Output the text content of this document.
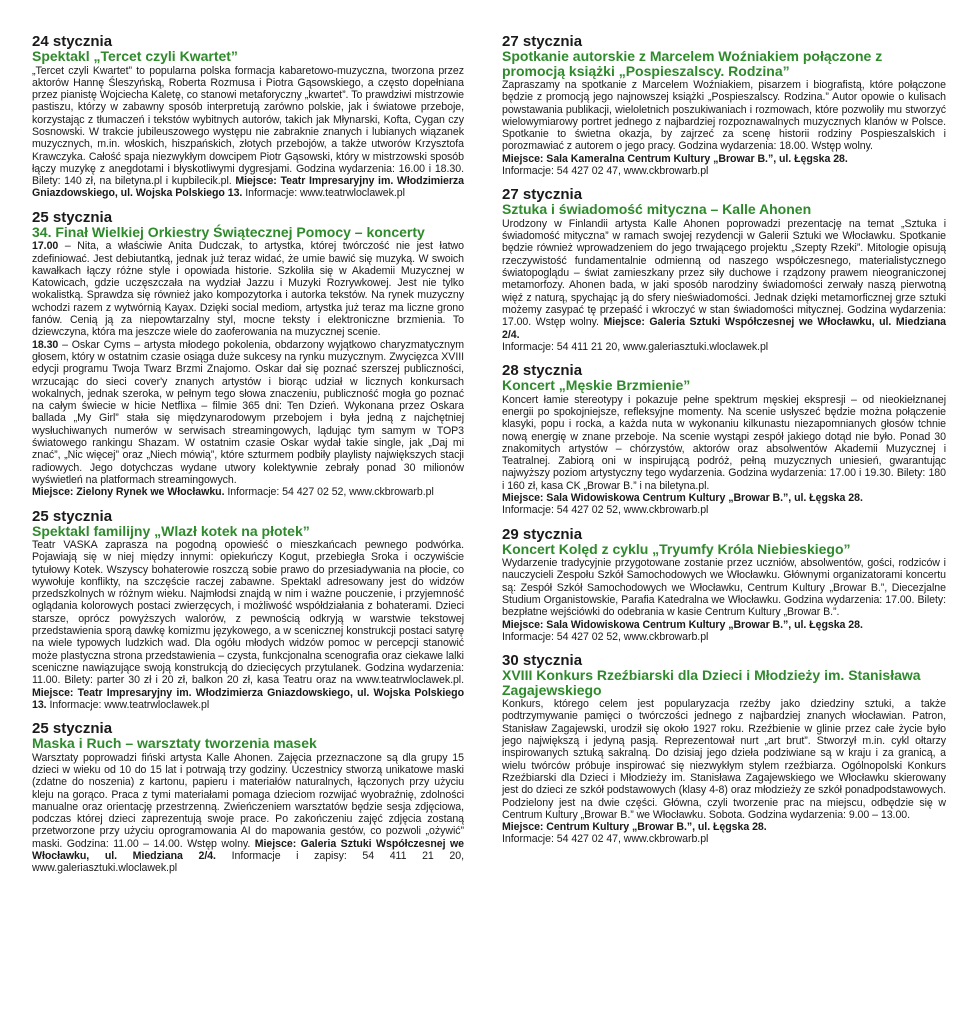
24 stycznia
Spektakl „Tercet czyli Kwartet”
„Tercet czyli Kwartet” to popularna polska formacja kabaretowo-muzyczna, tworzona przez aktorów Hannę Śleszyńską, Roberta Rozmusa i Piotra Gąsowskiego, a często dopełniana przez pianistę Wojciecha Kaletę, co stanowi metaforyczny „kwartet”. To prawdziwi mistrzowie pastiszu, którzy w zabawny sposób interpretują zarówno polskie, jak i światowe przeboje, korzystając z tłumaczeń i tekstów wybitnych autorów, takich jak Młynarski, Kofta, Cygan czy Sosnowski. W trakcie jubileuszowego występu nie zabraknie znanych i lubianych wiązanek muzycznych, m.in. włoskich, hiszpańskich, złotych przebojów, a także utworów Krzysztofa Krawczyka. Całość spaja niezwykłym dowcipem Piotr Gąsowski, który w mistrzowski sposób łączy muzykę z anegdotami i błyskotliwymi dygresjami. Godzina wydarzenia: 16.00 i 18.30. Bilety: 140 zł, na biletyna.pl i kupbilecik.pl. Miejsce: Teatr Impresaryjny im. Włodzimierza Gniazdowskiego, ul. Wojska Polskiego 13. Informacje: www.teatrwloclawek.pl
25 stycznia
34. Finał Wielkiej Orkiestry Świątecznej Pomocy – koncerty

17.00 – Nita, a właściwie Anita Dudczak, to artystka, której twórczość nie jest łatwo zdefiniować. Jest debiutantką, jednak już teraz widać, że umie bawić się muzyką. W swoich kawałkach łączy różne style i opowiada historie. Szkoliła się w Akademii Muzycznej w Katowicach, gdzie uczęszczała na wydział Jazzu i Muzyki Rozrywkowej. Jest nie tylko wokalistką. Sprawdza się również jako kompozytorka i autorka tekstów. Na rynek muzyczny wchodzi razem z wytwórnią Kayax. Dzięki social mediom, artystka już teraz ma liczne grono fanów. Cenią ją za niepowtarzalny styl, mocne teksty i elektroniczne brzmienia. To dziewczyna, która ma jeszcze wiele do zaoferowania na muzycznej scenie.

18.30 – Oskar Cyms – artysta młodego pokolenia, obdarzony wyjątkowo charyzmatycznym głosem, który w ostatnim czasie osiąga duże sukcesy na rynku muzycznym. Zwycięzca XVIII edycji programu Twoja Twarz Brzmi Znajomo. Oskar dał się poznać szerszej publiczności, wrzucając do sieci cover'y znanych artystów i biorąc udział w licznych konkursach wokalnych, jednak szeroka, w pełnym tego słowa znaczeniu, publiczność mogła go poznać na całym świecie w hicie Netflixa – filmie 365 dni: Ten Dzień. Wykonana przez Oskara ballada „My Girl” stała się międzynarodowym przebojem i była jedną z najchętniej wysłuchiwanych numerów w serwisach streamingowych, lądując tym samym w TOP3 światowego rankingu Shazam. W ostatnim czasie Oskar wydał takie single, jak „Daj mi znać”, „Nic więcej” oraz „Niech mówią”, które szturmem podbiły playlisty największych stacji radiowych. Jego dotychczas wydane utwory kolektywnie zebrały ponad 30 milionów wyświetleń na platformach streamingowych.

Miejsce: Zielony Rynek we Włocławku. Informacje: 54 427 02 52, www.ckbrowarb.pl

25 stycznia
Spektakl familijny „Wlazł kotek na płotek”
Teatr VASKA zaprasza na pogodną opowieść o mieszkańcach pewnego podwórka. Pojawiają się w niej między innymi: opiekuńczy Kogut, przebiegła Sroka i oczywiście tytułowy Kotek. Wszyscy bohaterowie roszczą sobie prawo do przesiadywania na płocie, co wywołuje konflikty, na szczęście raczej zabawne. Spektakl adresowany jest do widzów przedszkolnych w różnym wieku. Najmłodsi znajdą w nim i ważne pouczenie, i przyjemność oglądania kolorowych postaci zwierzęcych, i możliwość współdziałania z bohaterami. Dzieci starsze, oprócz powyższych walorów, z pewnością odkryją w warstwie tekstowej przedstawienia sporą dawkę komizmu językowego, a w scenicznej konstrukcji postaci satyrę na wiele typowych ludzkich wad. Dla ogółu młodych widzów pomoc w percepcji stanowić może plastyczna strona przedstawienia – czysta, funkcjonalna scenografia oraz ciekawe lalki sceniczne nawiązujące swoją konstrukcją do dziecięcych przytulanek. Godzina wydarzenia: 11.00. Bilety: parter 30 zł i 20 zł, balkon 20 zł, kasa Teatru oraz na www.teatrwloclawek.pl. Miejsce: Teatr Impresaryjny im. Włodzimierza Gniazdowskiego, ul. Wojska Polskiego 13. Informacje: www.teatrwloclawek.pl
25 stycznia
Maska i Ruch – warsztaty tworzenia masek
Warsztaty poprowadzi fiński artysta Kalle Ahonen. Zajęcia przeznaczone są dla grupy 15 dzieci w wieku od 10 do 15 lat i potrwają trzy godziny. Uczestnicy stworzą unikatowe maski (zdatne do noszenia) z kartonu, papieru i materiałów naturalnych, łączonych przy użyciu kleju na gorąco. Praca z tymi materiałami pomaga dzieciom rozwijać wyobraźnię, zdolności manualne oraz orientację przestrzenną. Zwieńczeniem warsztatów będzie sesja zdjęciowa, podczas której dzieci zaprezentują swoje prace. Po zakończeniu zajęć zdjęcia zostaną przetworzone przy użyciu oprogramowania AI do mapowania gestów, co pozwoli „ożywić” maski. Godzina: 11.00 – 14.00. Wstęp wolny. Miejsce: Galeria Sztuki Współczesnej we Włocławku, ul. Miedziana 2/4. Informacje i zapisy: 54 411 21 20, www.galeriasztuki.wloclawek.pl
27 stycznia
Spotkanie autorskie z Marcelem Woźniakiem połączone z promocją książki „Pospieszalscy. Rodzina”
Zapraszamy na spotkanie z Marcelem Woźniakiem, pisarzem i biografistą, które połączone będzie z promocją jego najnowszej książki „Pospieszalscy. Rodzina.” Autor opowie o kulisach powstawania publikacji, wieloletnich poszukiwaniach i rozmowach, które pozwoliły mu stworzyć wielowymiarowy portret jednego z najbardziej rozpoznawalnych muzycznych klanów w Polsce. Spotkanie to świetna okazja, by zajrzeć za scenę historii rodziny Pospieszalskich i porozmawiać z autorem o jego pracy. Godzina wydarzenia: 18.00. Wstęp wolny.
Miejsce: Sala Kameralna Centrum Kultury „Browar B.”, ul. Łęgska 28.
Informacje: 54 427 02 47, www.ckbrowarb.pl
27 stycznia
Sztuka i świadomość mityczna – Kalle Ahonen
Urodzony w Finlandii artysta Kalle Ahonen poprowadzi prezentację na temat „Sztuka i świadomość mityczna” w ramach swojej rezydencji w Galerii Sztuki we Włocławku. Spotkanie będzie również wprowadzeniem do jego trwającego projektu „Szepty Rzeki”. Mitologie opisują rzeczywistość fundamentalnie odmienną od naszego współczesnego, materialistycznego światopoglądu – świat zamieszkany przez siły duchowe i rządzony prawem nieograniczonej metamorfozy. Ahonen bada, w jaki sposób narodziny świadomości zerwały naszą pierwotną więź z naturą, spychając ją do sfery nieświadomości. Jednak dzięki metamorficznej grze sztuki możemy zasypać tę przepaść i wkroczyć w stan świadomości mitycznej. Godzina wydarzenia: 17.00. Wstęp wolny. Miejsce: Galeria Sztuki Współczesnej we Włocławku, ul. Miedziana 2/4.
Informacje: 54 411 21 20, www.galeriasztuki.wloclawek.pl
28 stycznia
Koncert „Męskie Brzmienie”
Koncert łamie stereotypy i pokazuje pełne spektrum męskiej ekspresji – od nieokiełznanej energii po spokojniejsze, refleksyjne momenty. Na scenie usłyszeć będzie można połączenie klasyki, popu i rocka, a każda nuta w wykonaniu kilkunastu niezapomnianych głosów tchnie nową energię w znane przeboje. Na scenie wystąpi zespół jakiego dotąd nie było. Ponad 30 znakomitych artystów – chórzystów, aktorów oraz absolwentów Akademii Muzycznej i Teatralnej. Zabiorą oni w inspirującą podróż, pełną muzycznych uniesień, gwarantując najwyższy poziom artystyczny tego wydarzenia. Godzina wydarzenia: 17.00 i 19.30. Bilety: 180 i 160 zł, kasa CK „Browar B.” i na biletyna.pl.
Miejsce: Sala Widowiskowa Centrum Kultury „Browar B.”, ul. Łęgska 28.
Informacje: 54 427 02 52, www.ckbrowarb.pl
29 stycznia
Koncert Kolęd z cyklu „Tryumfy Króla Niebieskiego”
Wydarzenie tradycyjnie przygotowane zostanie przez uczniów, absolwentów, gości, rodziców i nauczycieli Zespołu Szkół Samochodowych we Włocławku. Głównymi organizatorami koncertu są: Zespół Szkół Samochodowych we Włocławku, Centrum Kultury „Browar B.”, Diecezjalne Studium Organistowskie, Parafia Katedralna we Włocławku. Godzina wydarzenia: 17.00. Bilety: bezpłatne wejściówki do odebrania w kasie Centrum Kultury „Browar B.”.
Miejsce: Sala Widowiskowa Centrum Kultury „Browar B.”, ul. Łęgska 28.
Informacje: 54 427 02 52, www.ckbrowarb.pl
30 stycznia
XVIII Konkurs Rzeźbiarski dla Dzieci i Młodzieży im. Stanisława Zagajewskiego
Konkurs, którego celem jest popularyzacja rzeźby jako dziedziny sztuki, a także podtrzymywanie pamięci o twórczości jednego z najbardziej znanych włocławian. Patron, Stanisław Zagajewski, urodził się około 1927 roku. Rzeźbienie w glinie przez całe życie było jego największą i jedyną pasją. Reprezentował nurt „art brut”. Stworzył m.in. cykl ołtarzy inspirowanych sztuką sakralną. Do dzisiaj jego dzieła podziwiane są w kraju i za granicą, a wielu twórców próbuje inspirować się niezwykłym stylem rzeźbiarza. Ogólnopolski Konkurs Rzeźbiarski dla Dzieci i Młodzieży im. Stanisława Zagajewskiego we Włocławku skierowany jest do dzieci ze szkół podstawowych (klasy 4-8) oraz młodzieży ze szkół ponadpodstawowych. Podzielony jest na dwie części. Główna, czyli tworzenie prac na miejscu, odbędzie się w Centrum Kultury „Browar B.” we Włocławku. Sobota. Godzina wydarzenia: 9.00 – 13.00.
Miejsce: Centrum Kultury „Browar B.”, ul. Łęgska 28.
Informacje: 54 427 02 47, www.ckbrowarb.pl
